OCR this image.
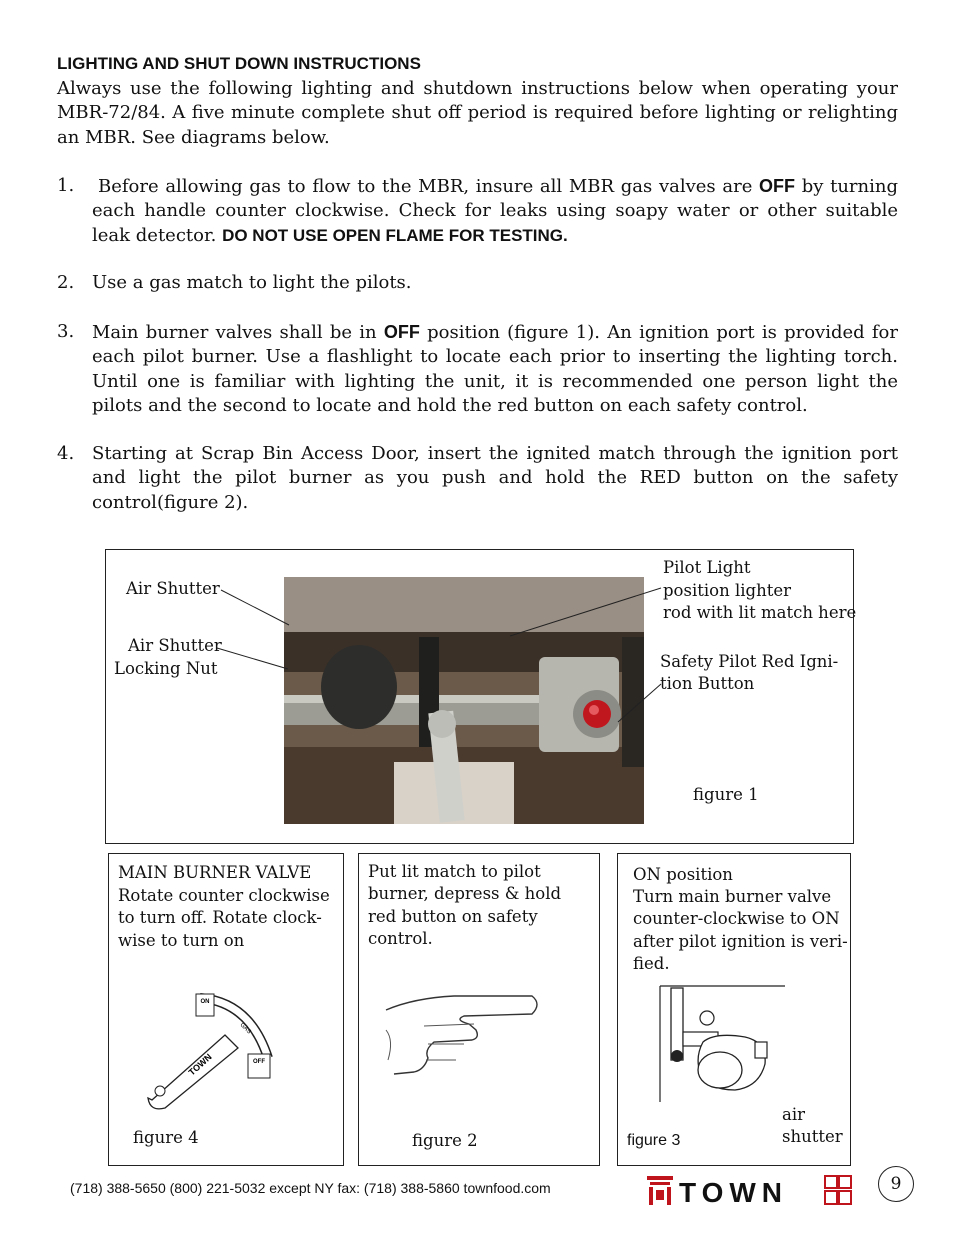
LIGHTING AND SHUT DOWN INSTRUCTIONS
Always use the following lighting and shutdown instructions below when operating your MBR-72/84. A five minute complete shut off period is required before lighting or relighting an MBR. See diagrams below.
1.	Before allowing gas to flow to the MBR, insure all MBR gas valves are OFF by turning each handle counter clockwise. Check for leaks using soapy water or other suitable leak detector. DO NOT USE OPEN FLAME FOR TESTING.
2. Use a gas match to light the pilots.
3. Main burner valves shall be in OFF position (figure 1). An ignition port is provided for each pilot burner. Use a flashlight to locate each prior to inserting the lighting torch. Until one is familiar with lighting the unit, it is recommended one person light the pilots and the second to locate and hold the red button on each safety control.
4. Starting at Scrap Bin Access Door, insert the ignited match through the ignition port and light the pilot burner as you push and hold the RED button on the safety control(figure 2).
Air Shutter
Air Shutter
Locking Nut
Pilot Light
position lighter
rod with lit match here
Safety Pilot Red Igni-
tion Button
figure 1
MAIN BURNER VALVE
Rotate counter clockwise
to turn off. Rotate clock-
wise to turn on
ON
OFF
GAS
TOWN
figure 4
Put lit match to pilot
burner, depress & hold
red button on safety
control.
figure 2
ON position
Turn main burner valve
counter-clockwise to ON
after pilot ignition is veri-
fied.
air
shutter
figure 3
(718) 388-5650 (800) 221-5032 except NY fax: (718) 388-5860 townfood.com	TOWN	9
